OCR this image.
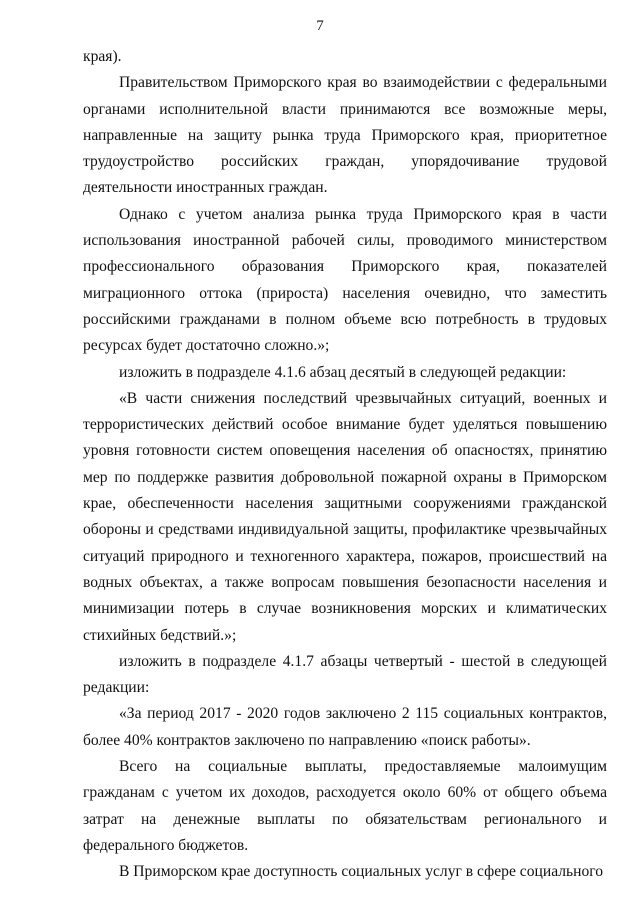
7

края).

Правительством Приморского края во взаимодействии с федеральными органами исполнительной власти принимаются все возможные меры, направленные на защиту рынка труда Приморского края, приоритетное трудоустройство российских граждан, упорядочивание трудовой деятельности иностранных граждан.

Однако с учетом анализа рынка труда Приморского края в части использования иностранной рабочей силы, проводимого министерством профессионального образования Приморского края, показателей миграционного оттока (прироста) населения очевидно, что заместить российскими гражданами в полном объеме всю потребность в трудовых ресурсах будет достаточно сложно.»;

изложить в подразделе 4.1.6 абзац десятый в следующей редакции:

«В части снижения последствий чрезвычайных ситуаций, военных и террористических действий особое внимание будет уделяться повышению уровня готовности систем оповещения населения об опасностях, принятию мер по поддержке развития добровольной пожарной охраны в Приморском крае, обеспеченности населения защитными сооружениями гражданской обороны и средствами индивидуальной защиты, профилактике чрезвычайных ситуаций природного и техногенного характера, пожаров, происшествий на водных объектах, а также вопросам повышения безопасности населения и минимизации потерь в случае возникновения морских и климатических стихийных бедствий.»;

изложить в подразделе 4.1.7 абзацы четвертый - шестой в следующей редакции:

«За период 2017 - 2020 годов заключено 2 115 социальных контрактов, более 40% контрактов заключено по направлению «поиск работы».

Всего на социальные выплаты, предоставляемые малоимущим гражданам с учетом их доходов, расходуется около 60% от общего объема затрат на денежные выплаты по обязательствам регионального и федерального бюджетов.

В Приморском крае доступность социальных услуг в сфере социального
